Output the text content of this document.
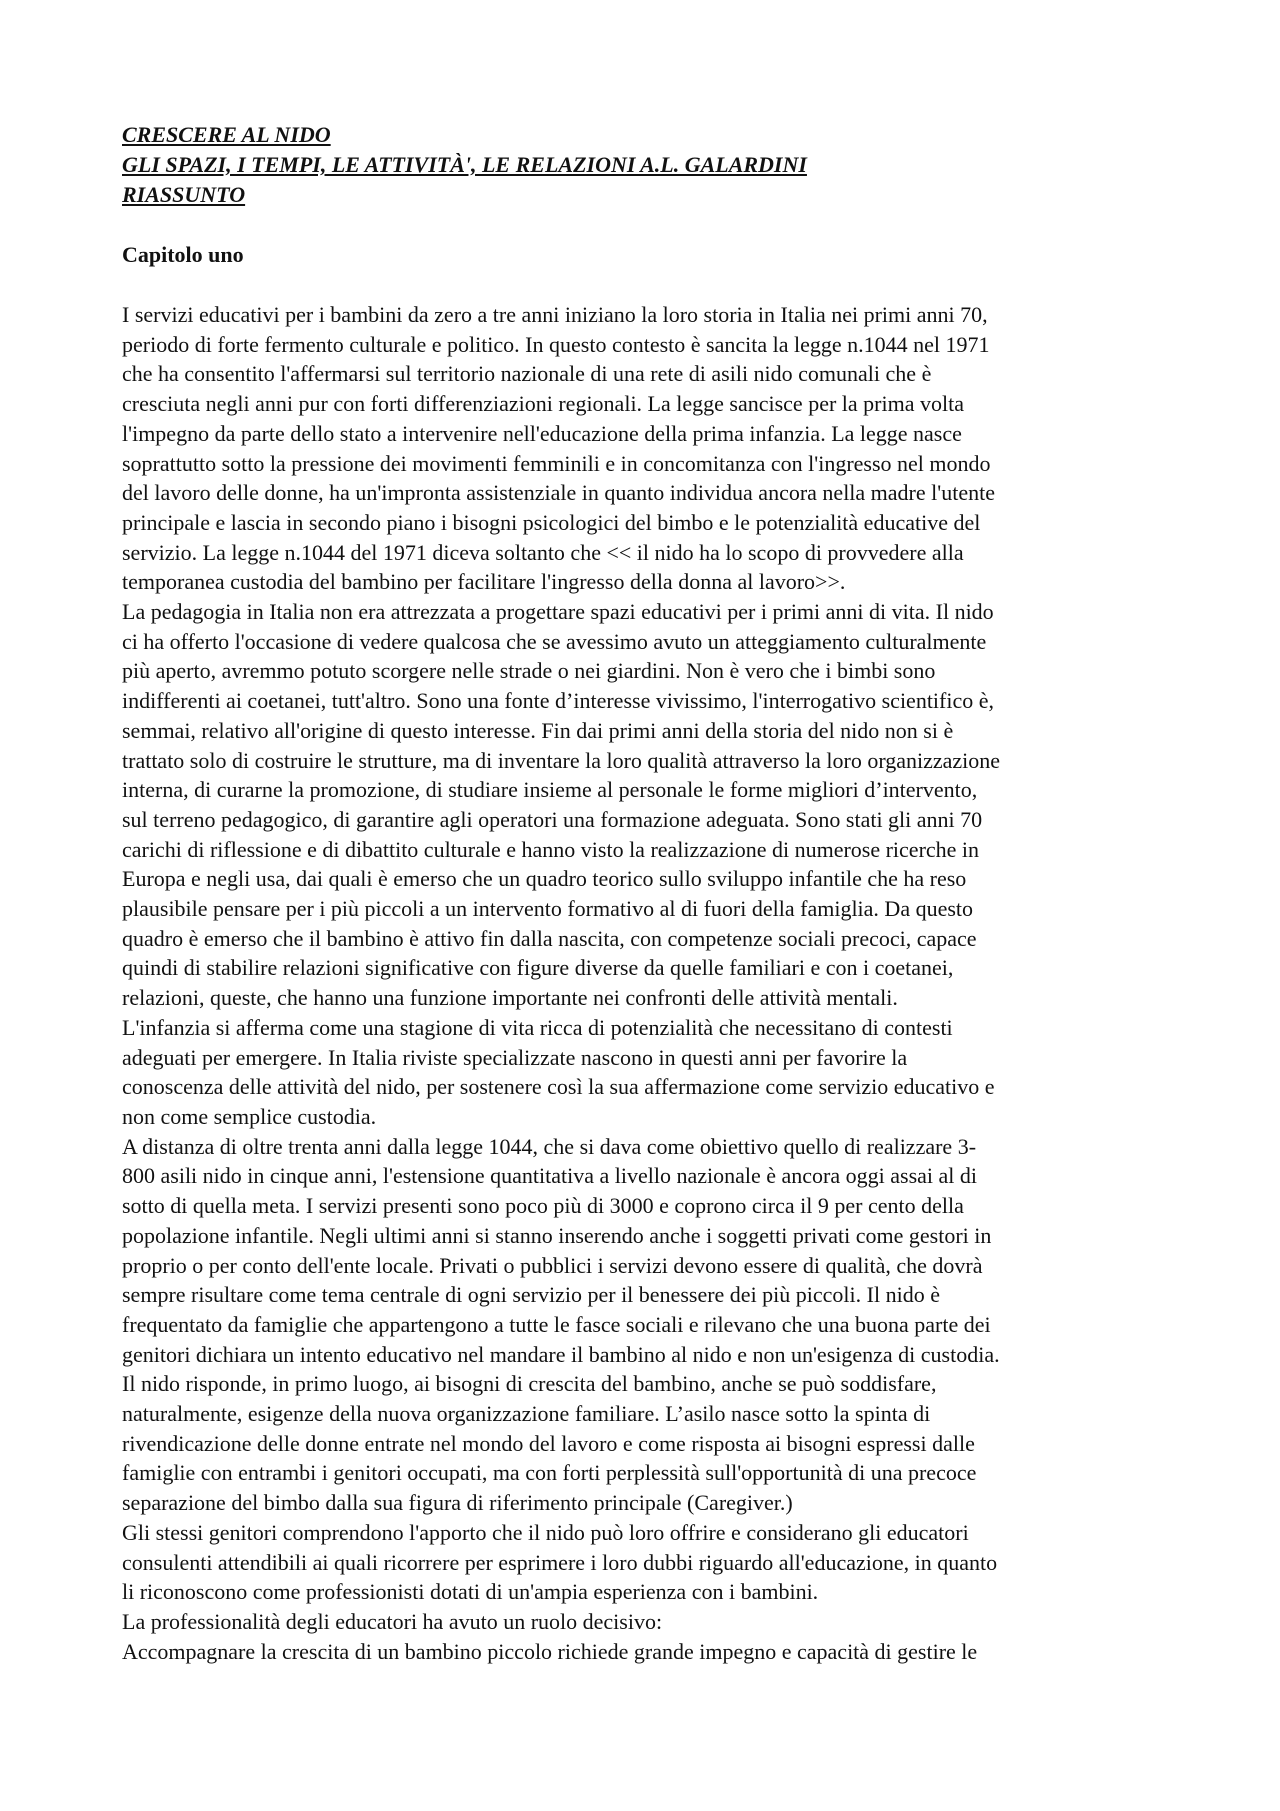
CRESCERE AL NIDO

GLI SPAZI, I TEMPI, LE ATTIVITÀ', LE RELAZIONI A.L. GALARDINI

RIASSUNTO

Capitolo uno

I servizi educativi per i bambini da zero a tre anni iniziano la loro storia in Italia nei primi anni 70,

periodo di forte fermento culturale e politico. In questo contesto è sancita la legge n.1044 nel 1971

che ha consentito l'affermarsi sul territorio nazionale di una rete di asili nido comunali che è

cresciuta negli anni pur con forti differenziazioni regionali. La legge sancisce per la prima volta

l'impegno da parte dello stato a intervenire nell'educazione della prima infanzia. La legge nasce

soprattutto sotto la pressione dei movimenti femminili e in concomitanza con l'ingresso nel mondo

del lavoro delle donne, ha un'impronta assistenziale in quanto individua ancora nella madre l'utente

principale e lascia in secondo piano i bisogni psicologici del bimbo e le potenzialità educative del

servizio. La legge n.1044 del 1971 diceva soltanto che << il nido ha lo scopo di provvedere alla

temporanea custodia del bambino per facilitare l'ingresso della donna al lavoro>>.

La pedagogia in Italia non era attrezzata a progettare spazi educativi per i primi anni di vita. Il nido

ci ha offerto l'occasione di vedere qualcosa che se avessimo avuto un atteggiamento culturalmente

più aperto, avremmo potuto scorgere nelle strade o nei giardini. Non è vero che i bimbi sono

indifferenti ai coetanei, tutt'altro. Sono una fonte d’interesse vivissimo, l'interrogativo scientifico è,

semmai, relativo all'origine di questo interesse. Fin dai primi anni della storia del nido non si è

trattato solo di costruire le strutture, ma di inventare la loro qualità attraverso la loro organizzazione

interna, di curarne la promozione, di studiare insieme al personale le forme migliori d’intervento,

sul terreno pedagogico, di garantire agli operatori una formazione adeguata. Sono stati gli anni 70

carichi di riflessione e di dibattito culturale e hanno visto la realizzazione di numerose ricerche in

Europa e negli usa, dai quali è emerso che un quadro teorico sullo sviluppo infantile che ha reso

plausibile pensare per i più piccoli a un intervento formativo al di fuori della famiglia. Da questo

quadro è emerso che il bambino è attivo fin dalla nascita, con competenze sociali precoci, capace

quindi di stabilire relazioni significative con figure diverse da quelle familiari e con i coetanei,

relazioni, queste, che hanno una funzione importante nei confronti delle attività mentali.

L'infanzia si afferma come una stagione di vita ricca di potenzialità che necessitano di contesti

adeguati per emergere. In Italia riviste specializzate nascono in questi anni per favorire la

conoscenza delle attività del nido, per sostenere così la sua affermazione come servizio educativo e

non come semplice custodia.

A distanza di oltre trenta anni dalla legge 1044, che si dava come obiettivo quello di realizzare 3-

800 asili nido in cinque anni, l'estensione quantitativa a livello nazionale è ancora oggi assai al di

sotto di quella meta. I servizi presenti sono poco più di 3000 e coprono circa il 9 per cento della

popolazione infantile. Negli ultimi anni si stanno inserendo anche i soggetti privati come gestori in

proprio o per conto dell'ente locale. Privati o pubblici i servizi devono essere di qualità, che dovrà

sempre risultare come tema centrale di ogni servizio per il benessere dei più piccoli. Il nido è

frequentato da famiglie che appartengono a tutte le fasce sociali e rilevano che una buona parte dei

genitori dichiara un intento educativo nel mandare il bambino al nido e non un'esigenza di custodia.

Il nido risponde, in primo luogo, ai bisogni di crescita del bambino, anche se può soddisfare,

naturalmente, esigenze della nuova organizzazione familiare. L’asilo nasce sotto la spinta di

rivendicazione delle donne entrate nel mondo del lavoro e come risposta ai bisogni espressi dalle

famiglie con entrambi i genitori occupati, ma con forti perplessità sull'opportunità di una precoce

separazione del bimbo dalla sua figura di riferimento principale (Caregiver.)

Gli stessi genitori comprendono l'apporto che il nido può loro offrire e considerano gli educatori

consulenti attendibili ai quali ricorrere per esprimere i loro dubbi riguardo all'educazione, in quanto

li riconoscono come professionisti dotati di un'ampia esperienza con i bambini.

La professionalità degli educatori ha avuto un ruolo decisivo:

Accompagnare la crescita di un bambino piccolo richiede grande impegno e capacità di gestire le
